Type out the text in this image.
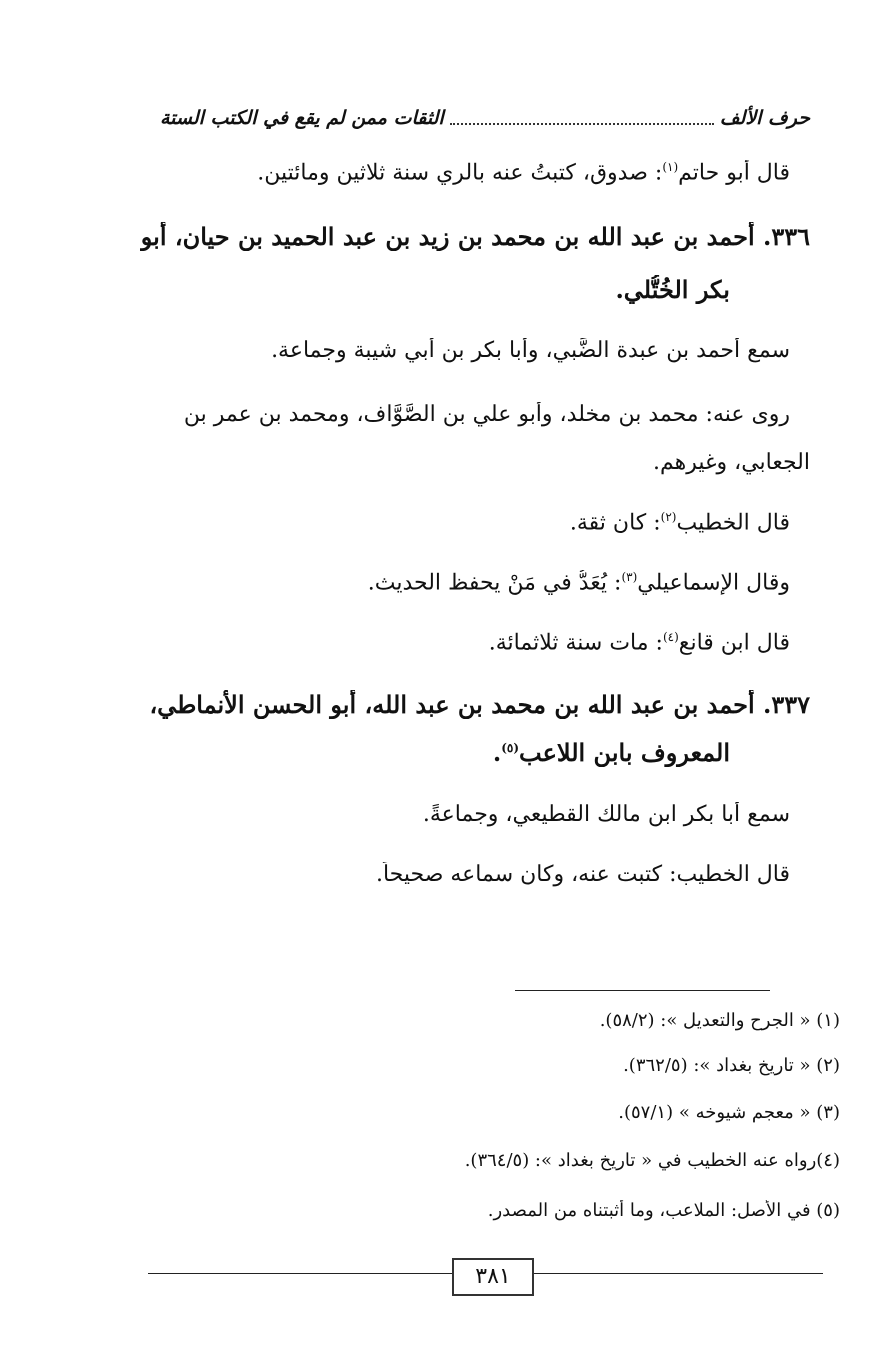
حرف الألف
الثقات ممن لم يقع في الكتب الستة
قال أبو حاتم$^{(١)}$: صدوق، كتبتُ عنه بالري سنة ثلاثين ومائتين.
٣٣٦. أحمد بن عبد الله بن محمد بن زيد بن عبد الحميد بن حيان، أبو
بكر الخُتُّلي.
سمع أحمد بن عبدة الضَّبي، وأبا بكر بن أبي شيبة وجماعة.
روى عنه: محمد بن مخلد، وأبو علي بن الصَّوَّاف، ومحمد بن عمر بن
الجعابي، وغيرهم.
قال الخطيب$^{(٢)}$: كان ثقة.
وقال الإسماعيلي$^{(٣)}$: يُعَدُّ في مَنْ يحفظ الحديث.
قال ابن قانع$^{(٤)}$: مات سنة ثلاثمائة.
٣٣٧. أحمد بن عبد الله بن محمد بن عبد الله، أبو الحسن الأنماطي،
المعروف بابن اللاعب$^{(٥)}$.
سمع أبا بكر ابن مالك القطيعي، وجماعةً.
قال الخطيب: كتبت عنه، وكان سماعه صحيحاً.
(١) « الجرح والتعديل »: (٥٨/٢).
(٢) « تاريخ بغداد »: (٣٦٢/٥).
(٣) « معجم شيوخه » (٥٧/١).
(٤)رواه عنه الخطيب في « تاريخ بغداد »: (٣٦٤/٥).
(٥) في الأصل: الملاعب، وما أثبتناه من المصدر.
٣٨١
